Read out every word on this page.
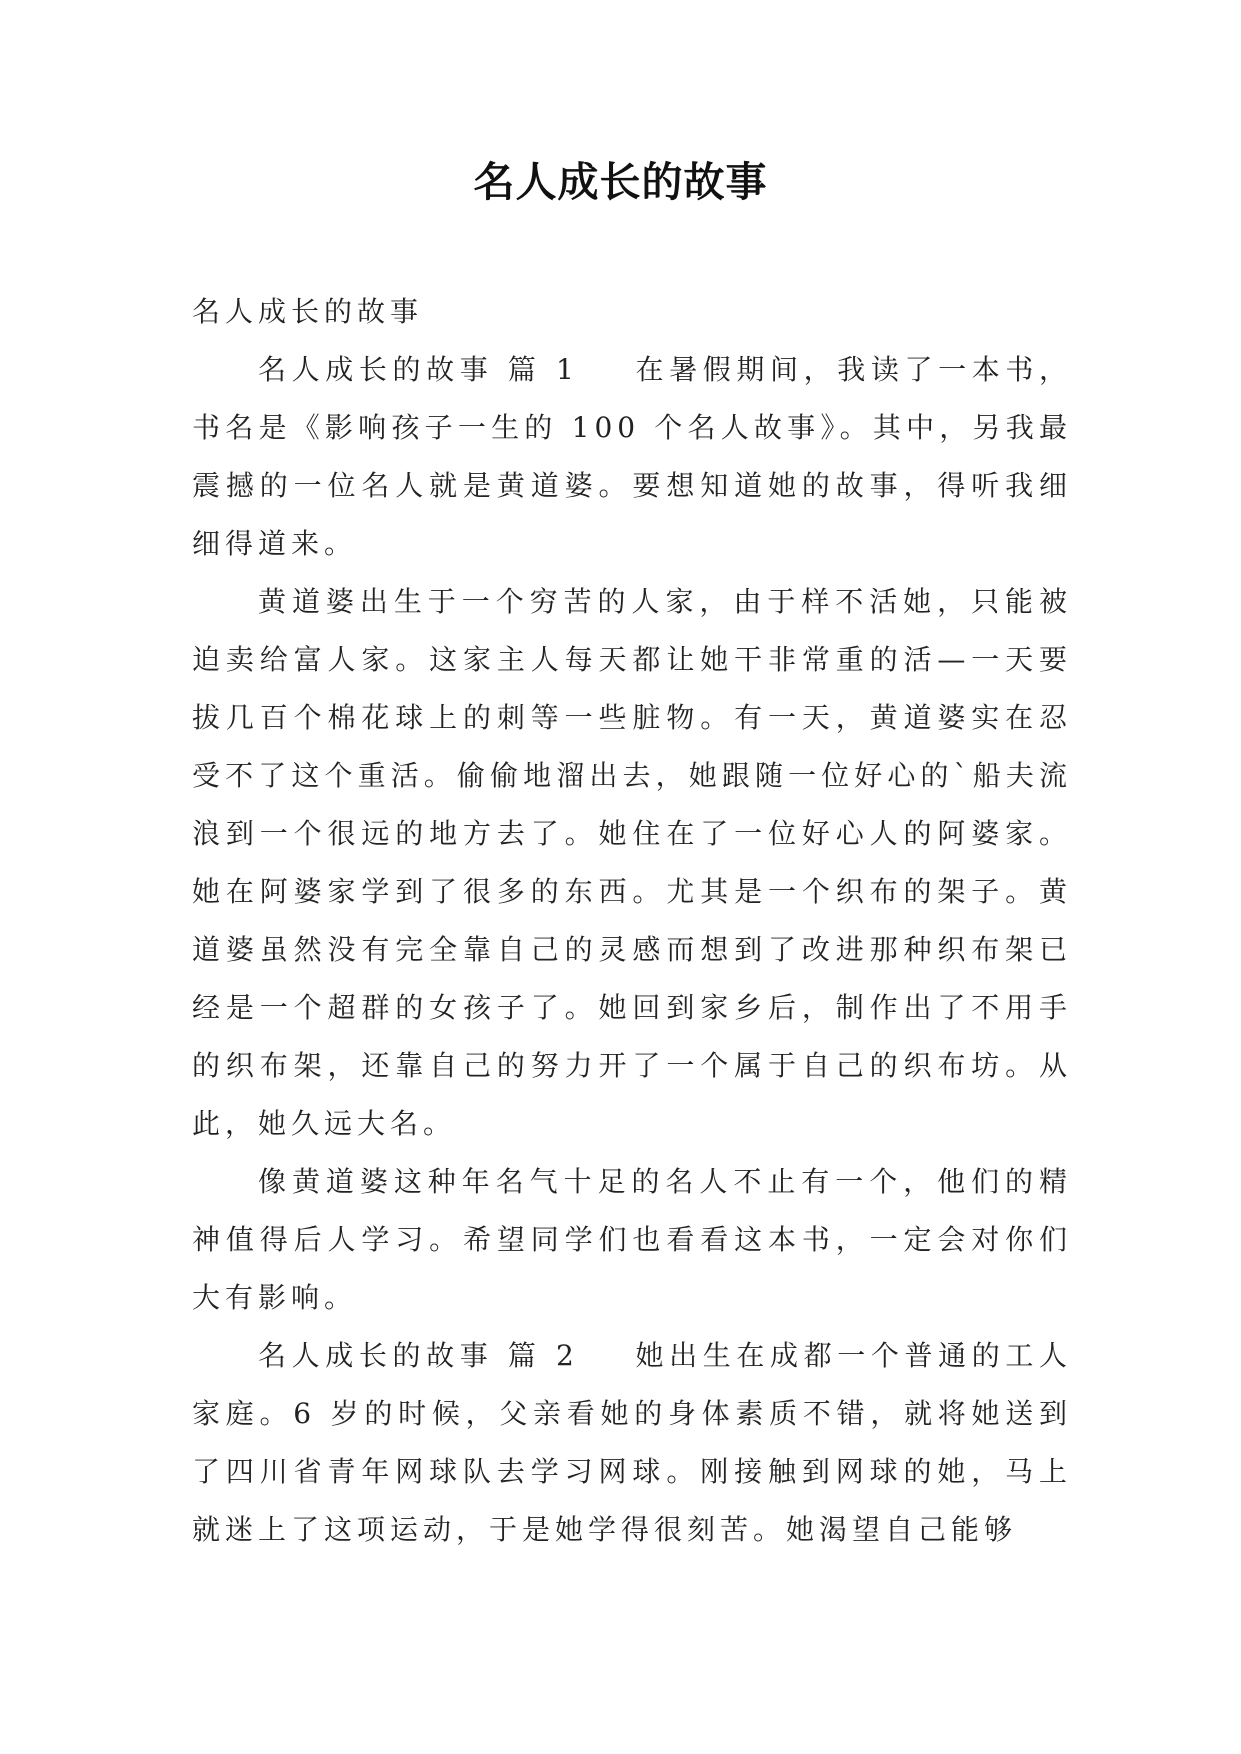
名人成长的故事

名人成长的故事

名人成长的故事 篇 1 在暑假期间，我读了一本书，书名是《影响孩子一生的 100 个名人故事》。其中，另我最震撼的一位名人就是黄道婆。要想知道她的故事，得听我细细得道来。

黄道婆出生于一个穷苦的人家，由于样不活她，只能被迫卖给富人家。这家主人每天都让她干非常重的活—一天要拔几百个棉花球上的刺等一些脏物。有一天，黄道婆实在忍受不了这个重活。偷偷地溜出去，她跟随一位好心的`船夫流浪到一个很远的地方去了。她住在了一位好心人的阿婆家。她在阿婆家学到了很多的东西。尤其是一个织布的架子。黄道婆虽然没有完全靠自己的灵感而想到了改进那种织布架已经是一个超群的女孩子了。她回到家乡后，制作出了不用手的织布架，还靠自己的努力开了一个属于自己的织布坊。从此，她久远大名。

像黄道婆这种年名气十足的名人不止有一个，他们的精神值得后人学习。希望同学们也看看这本书，一定会对你们大有影响。

名人成长的故事 篇 2 她出生在成都一个普通的工人家庭。6 岁的时候，父亲看她的身体素质不错，就将她送到了四川省青年网球队去学习网球。刚接触到网球的她，马上就迷上了这项运动，于是她学得很刻苦。她渴望自己能够
